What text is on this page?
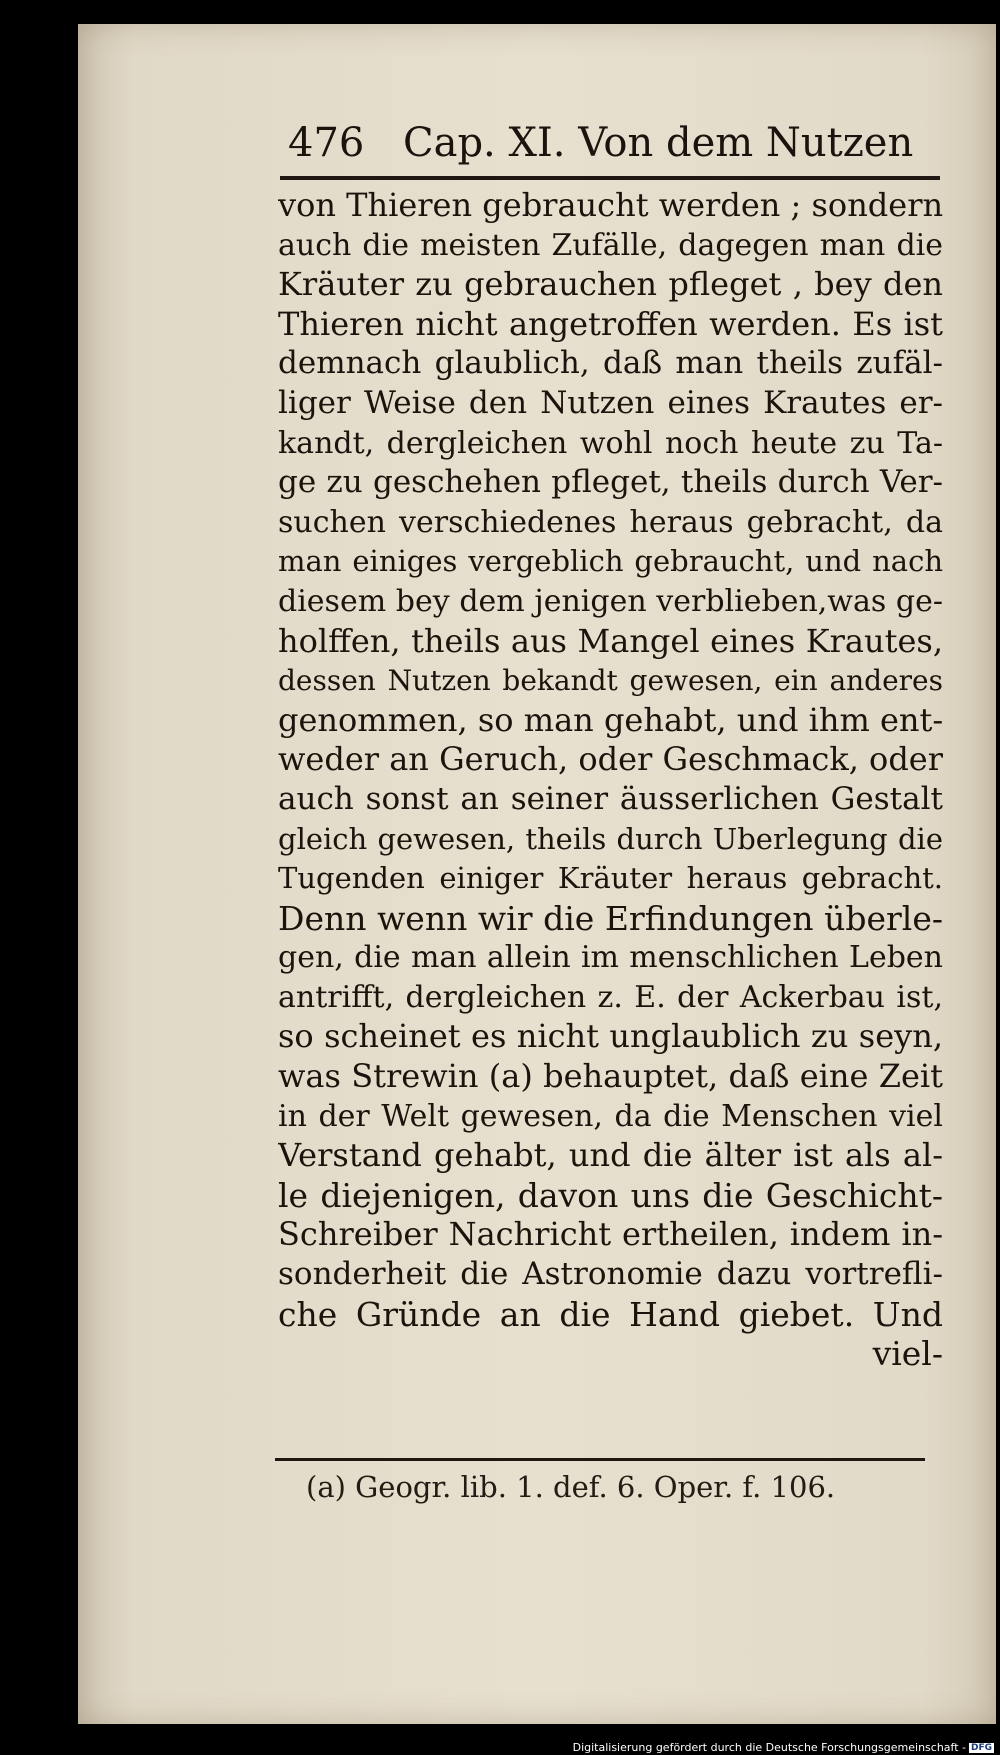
476 Cap. XI. Von dem Nutzen
von Thieren gebraucht werden ; sondern
auch die meisten Zufälle, dagegen man die
Kräuter zu gebrauchen pfleget , bey den
Thieren nicht angetroffen werden. Es ist
demnach glaublich, daß man theils zufäl-
liger Weise den Nutzen eines Krautes er-
kandt, dergleichen wohl noch heute zu Ta-
ge zu geschehen pfleget, theils durch Ver-
suchen verschiedenes heraus gebracht, da
man einiges vergeblich gebraucht, und nach
diesem bey dem jenigen verblieben,was ge-
holffen, theils aus Mangel eines Krautes,
dessen Nutzen bekandt gewesen, ein anderes
genommen, so man gehabt, und ihm ent-
weder an Geruch, oder Geschmack, oder
auch sonst an seiner äusserlichen Gestalt
gleich gewesen, theils durch Uberlegung die
Tugenden einiger Kräuter heraus gebracht.
Denn wenn wir die Erfindungen überle-
gen, die man allein im menschlichen Leben
antrifft, dergleichen z. E. der Ackerbau ist,
so scheinet es nicht unglaublich zu seyn,
was Strewin (a) behauptet, daß eine Zeit
in der Welt gewesen, da die Menschen viel
Verstand gehabt, und die älter ist als al-
le diejenigen, davon uns die Geschicht-
Schreiber Nachricht ertheilen, indem in-
sonderheit die Astronomie dazu vortrefli-
che Gründe an die Hand giebet. Und
viel-
(a) Geogr. lib. 1. def. 6. Oper. f. 106.
Digitalisierung gefördert durch die Deutsche Forschungsgemeinschaft - DFG
